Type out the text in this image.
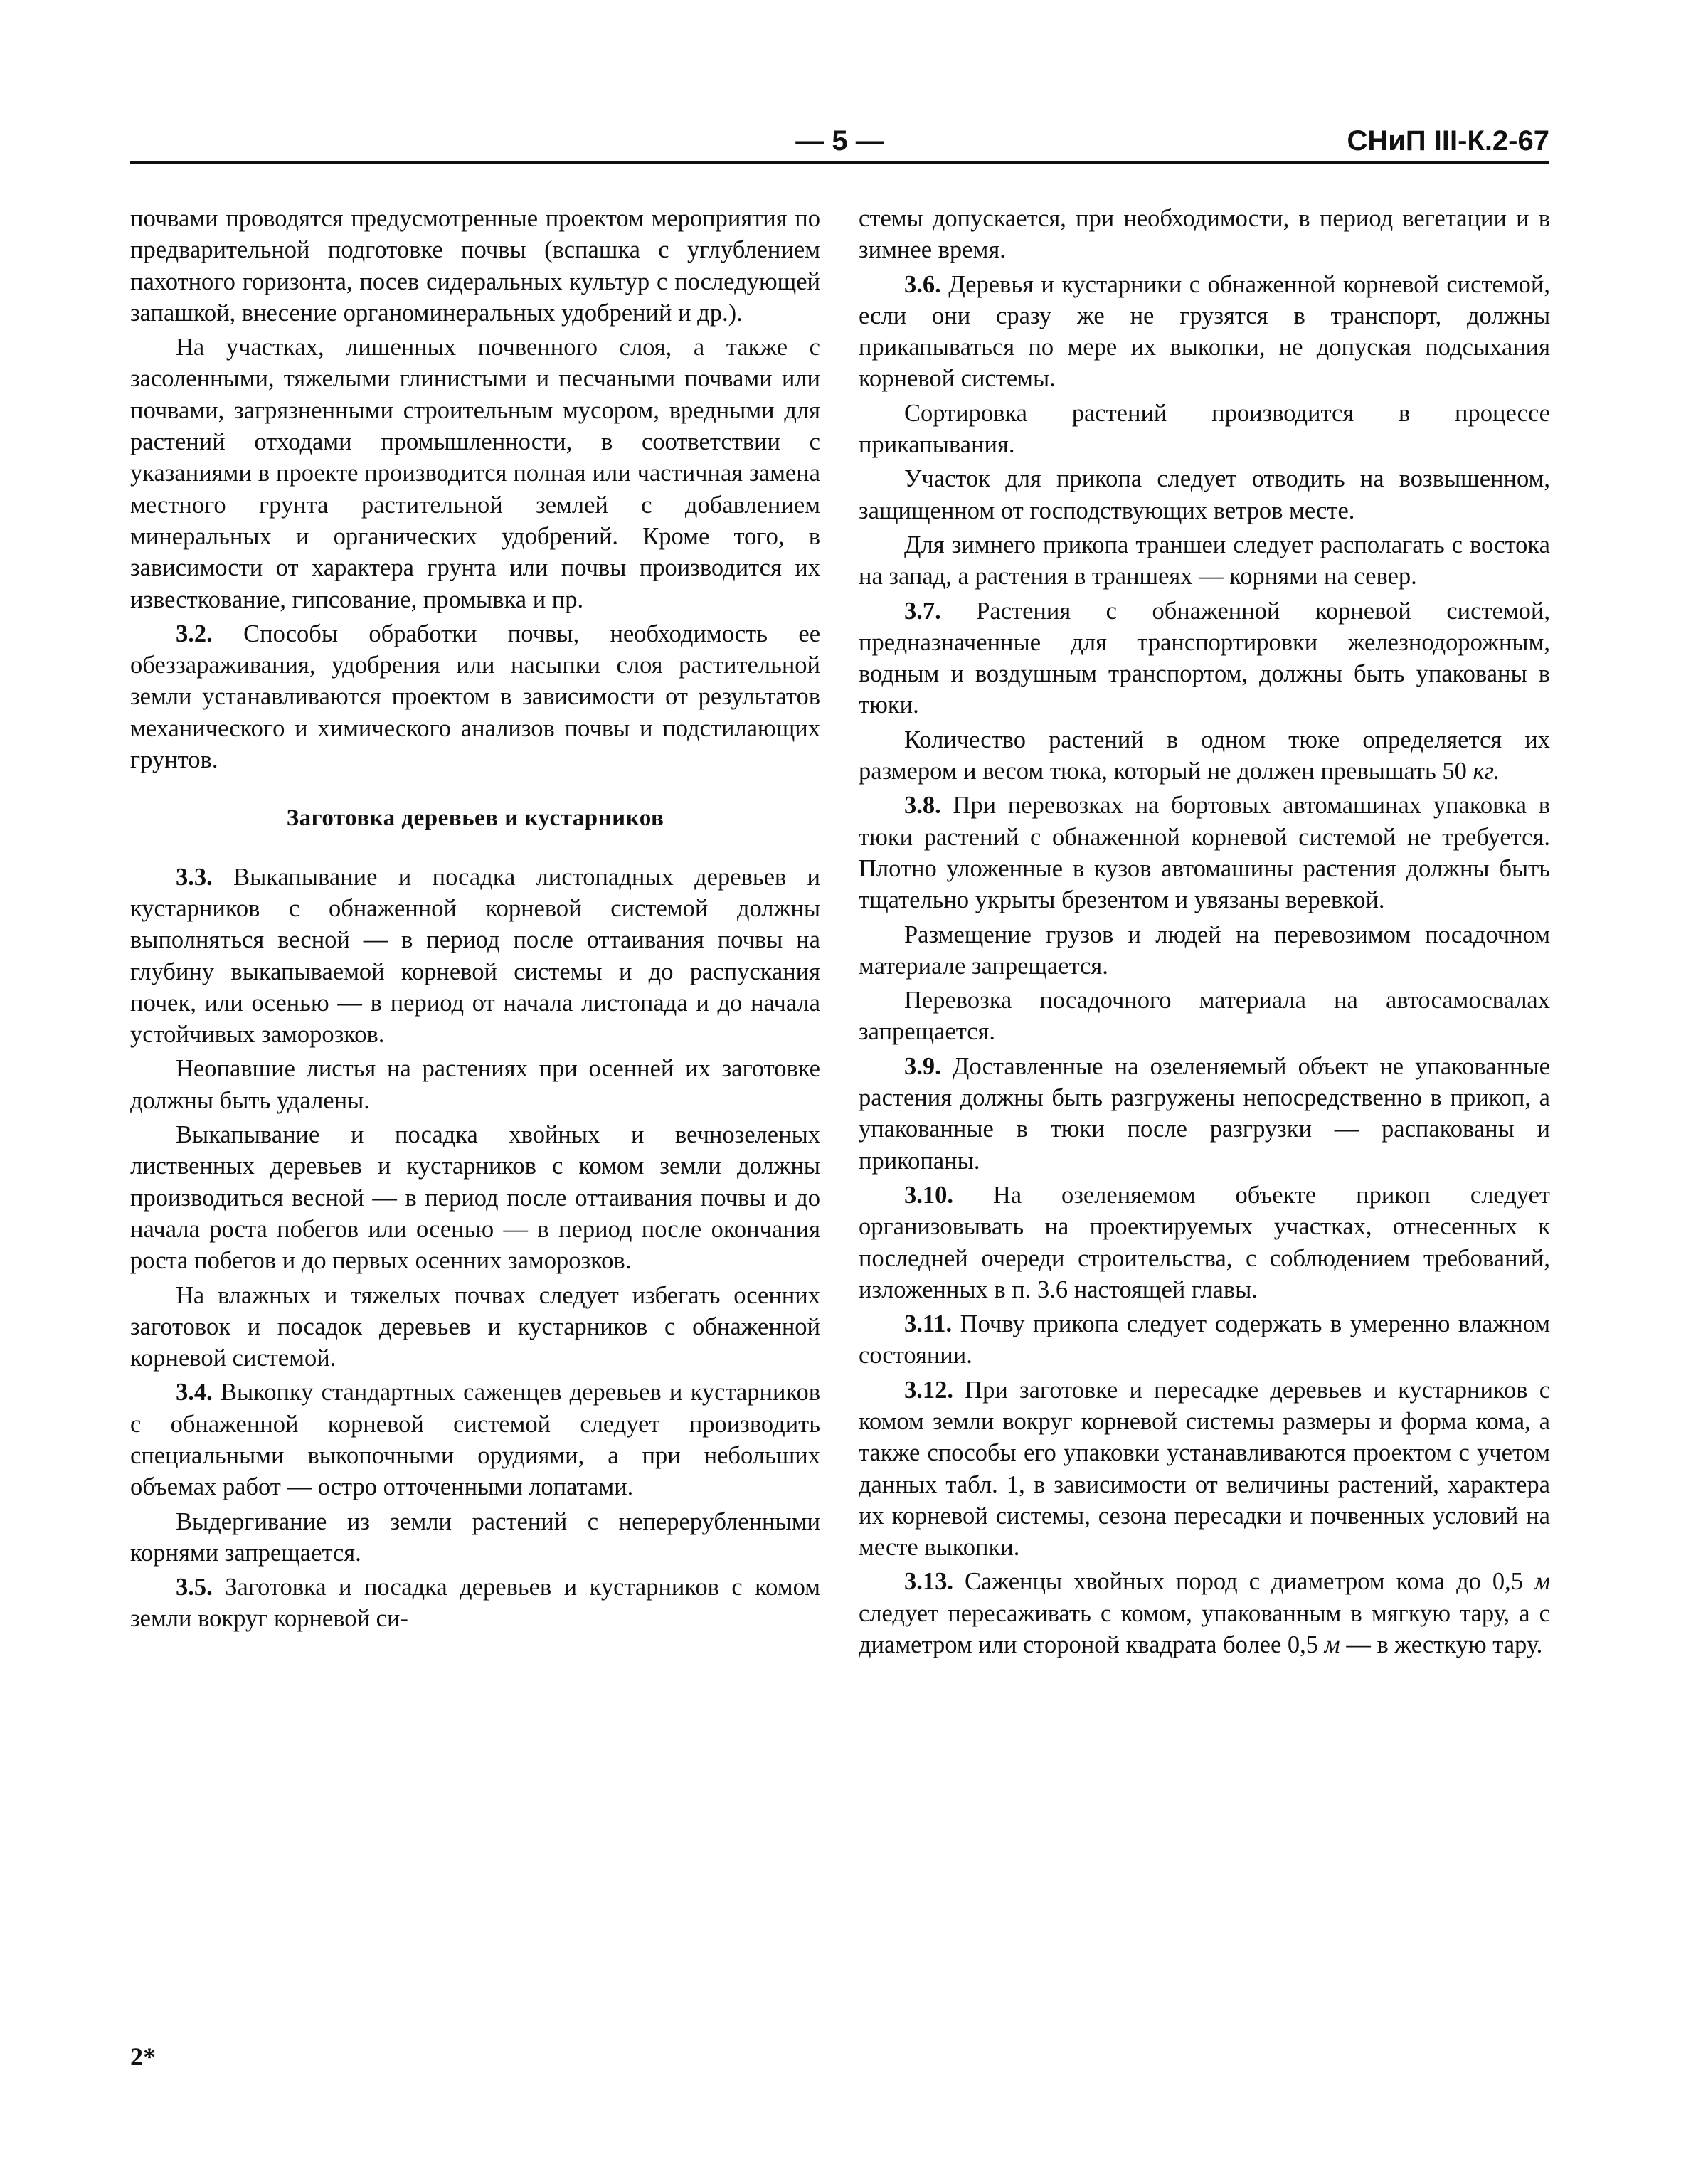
— 5 —	СНиП III-К.2-67

почвами проводятся предусмотренные проектом мероприятия по предварительной подготовке почвы (вспашка с углублением пахотного горизонта, посев сидеральных культур с последующей запашкой, внесение органоминеральных удобрений и др.).

На участках, лишенных почвенного слоя, а также с засоленными, тяжелыми глинистыми и песчаными почвами или почвами, загрязненными строительным мусором, вредными для растений отходами промышленности, в соответствии с указаниями в проекте производится полная или частичная замена местного грунта растительной землей с добавлением минеральных и органических удобрений. Кроме того, в зависимости от характера грунта или почвы производится их известкование, гипсование, промывка и пр.

3.2. Способы обработки почвы, необходимость ее обеззараживания, удобрения или насыпки слоя растительной земли устанавливаются проектом в зависимости от результатов механического и химического анализов почвы и подстилающих грунтов.

Заготовка деревьев и кустарников

3.3. Выкапывание и посадка листопадных деревьев и кустарников с обнаженной корневой системой должны выполняться весной — в период после оттаивания почвы на глубину выкапываемой корневой системы и до распускания почек, или осенью — в период от начала листопада и до начала устойчивых заморозков.

Неопавшие листья на растениях при осенней их заготовке должны быть удалены.

Выкапывание и посадка хвойных и вечнозеленых лиственных деревьев и кустарников с комом земли должны производиться весной — в период после оттаивания почвы и до начала роста побегов или осенью — в период после окончания роста побегов и до первых осенних заморозков.

На влажных и тяжелых почвах следует избегать осенних заготовок и посадок деревьев и кустарников с обнаженной корневой системой.

3.4. Выкопку стандартных саженцев деревьев и кустарников с обнаженной корневой системой следует производить специальными выкопочными орудиями, а при небольших объемах работ — остро отточенными лопатами.

Выдергивание из земли растений с неперерубленными корнями запрещается.

3.5. Заготовка и посадка деревьев и кустарников с комом земли вокруг корневой си-

стемы допускается, при необходимости, в период вегетации и в зимнее время.

3.6. Деревья и кустарники с обнаженной корневой системой, если они сразу же не грузятся в транспорт, должны прикапываться по мере их выкопки, не допуская подсыхания корневой системы.

Сортировка растений производится в процессе прикапывания.

Участок для прикопа следует отводить на возвышенном, защищенном от господствующих ветров месте.

Для зимнего прикопа траншеи следует располагать с востока на запад, а растения в траншеях — корнями на север.

3.7. Растения с обнаженной корневой системой, предназначенные для транспортировки железнодорожным, водным и воздушным транспортом, должны быть упакованы в тюки.

Количество растений в одном тюке определяется их размером и весом тюка, который не должен превышать 50 кг.

3.8. При перевозках на бортовых автомашинах упаковка в тюки растений с обнаженной корневой системой не требуется. Плотно уложенные в кузов автомашины растения должны быть тщательно укрыты брезентом и увязаны веревкой.

Размещение грузов и людей на перевозимом посадочном материале запрещается.

Перевозка посадочного материала на автосамосвалах запрещается.

3.9. Доставленные на озеленяемый объект не упакованные растения должны быть разгружены непосредственно в прикоп, а упакованные в тюки после разгрузки — распакованы и прикопаны.

3.10. На озеленяемом объекте прикоп следует организовывать на проектируемых участках, отнесенных к последней очереди строительства, с соблюдением требований, изложенных в п. 3.6 настоящей главы.

3.11. Почву прикопа следует содержать в умеренно влажном состоянии.

3.12. При заготовке и пересадке деревьев и кустарников с комом земли вокруг корневой системы размеры и форма кома, а также способы его упаковки устанавливаются проектом с учетом данных табл. 1, в зависимости от величины растений, характера их корневой системы, сезона пересадки и почвенных условий на месте выкопки.

3.13. Саженцы хвойных пород с диаметром кома до 0,5 м следует пересаживать с комом, упакованным в мягкую тару, а с диаметром или стороной квадрата более 0,5 м — в жесткую тару.

2*
